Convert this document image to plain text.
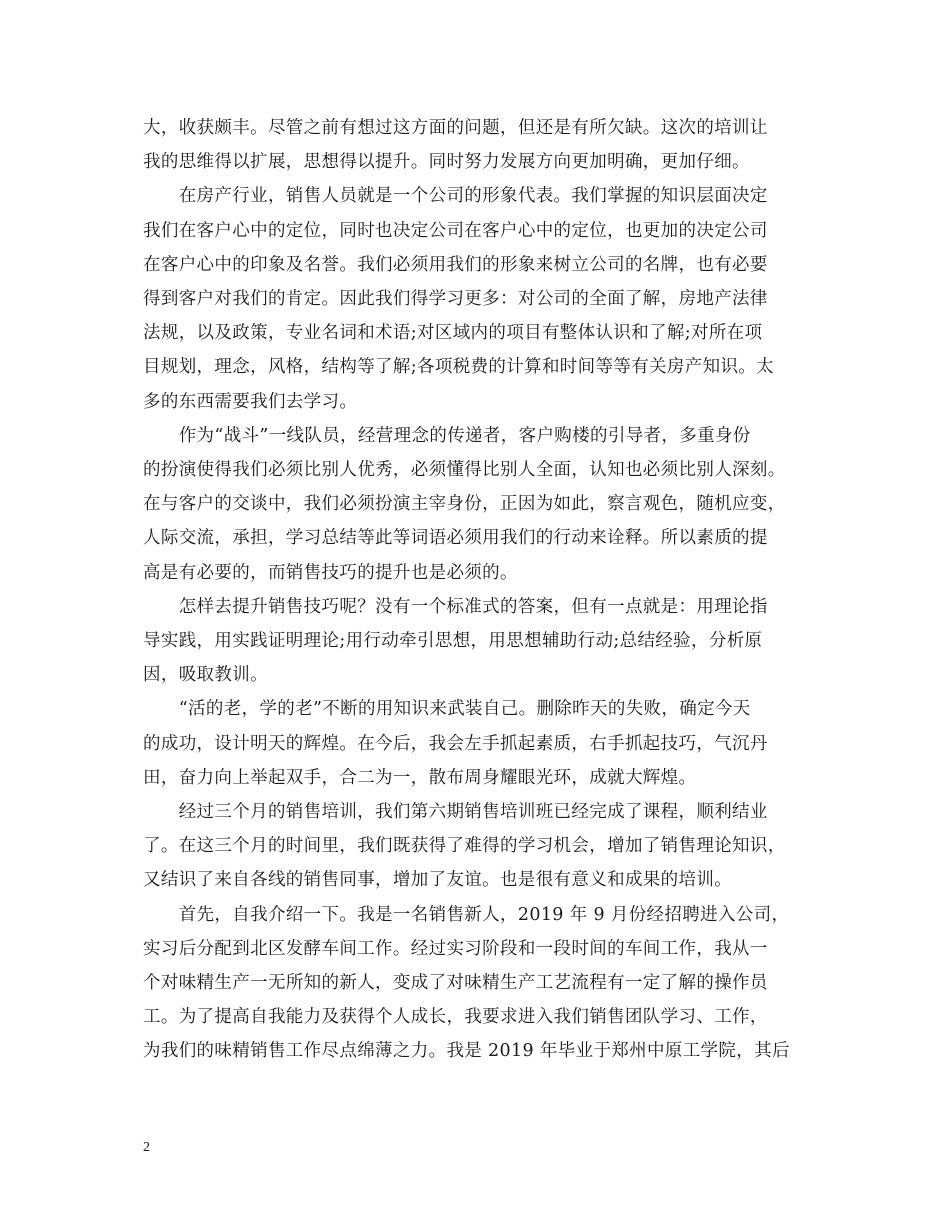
大，收获颇丰。尽管之前有想过这方面的问题，但还是有所欠缺。这次的培训让
我的思维得以扩展，思想得以提升。同时努力发展方向更加明确，更加仔细。
　　在房产行业，销售人员就是一个公司的形象代表。我们掌握的知识层面决定
我们在客户心中的定位，同时也决定公司在客户心中的定位，也更加的决定公司
在客户心中的印象及名誉。我们必须用我们的形象来树立公司的名牌，也有必要
得到客户对我们的肯定。因此我们得学习更多：对公司的全面了解，房地产法律
法规，以及政策，专业名词和术语;对区域内的项目有整体认识和了解;对所在项
目规划，理念，风格，结构等了解;各项税费的计算和时间等等有关房产知识。太
多的东西需要我们去学习。
　　作为“战斗”一线队员，经营理念的传递者，客户购楼的引导者，多重身份
的扮演使得我们必须比别人优秀，必须懂得比别人全面，认知也必须比别人深刻。
在与客户的交谈中，我们必须扮演主宰身份，正因为如此，察言观色，随机应变，
人际交流，承担，学习总结等此等词语必须用我们的行动来诠释。所以素质的提
高是有必要的，而销售技巧的提升也是必须的。
　　怎样去提升销售技巧呢？没有一个标准式的答案，但有一点就是：用理论指
导实践，用实践证明理论;用行动牵引思想，用思想辅助行动;总结经验，分析原
因，吸取教训。
　　“活的老，学的老”不断的用知识来武装自己。删除昨天的失败，确定今天
的成功，设计明天的辉煌。在今后，我会左手抓起素质，右手抓起技巧，气沉丹
田，奋力向上举起双手，合二为一，散布周身耀眼光环，成就大辉煌。
　　经过三个月的销售培训，我们第六期销售培训班已经完成了课程，顺利结业
了。在这三个月的时间里，我们既获得了难得的学习机会，增加了销售理论知识，
又结识了来自各线的销售同事，增加了友谊。也是很有意义和成果的培训。
　　首先，自我介绍一下。我是一名销售新人，2019 年 9 月份经招聘进入公司，
实习后分配到北区发酵车间工作。经过实习阶段和一段时间的车间工作，我从一
个对味精生产一无所知的新人，变成了对味精生产工艺流程有一定了解的操作员
工。为了提高自我能力及获得个人成长，我要求进入我们销售团队学习、工作，
为我们的味精销售工作尽点绵薄之力。我是 2019 年毕业于郑州中原工学院，其后
2
